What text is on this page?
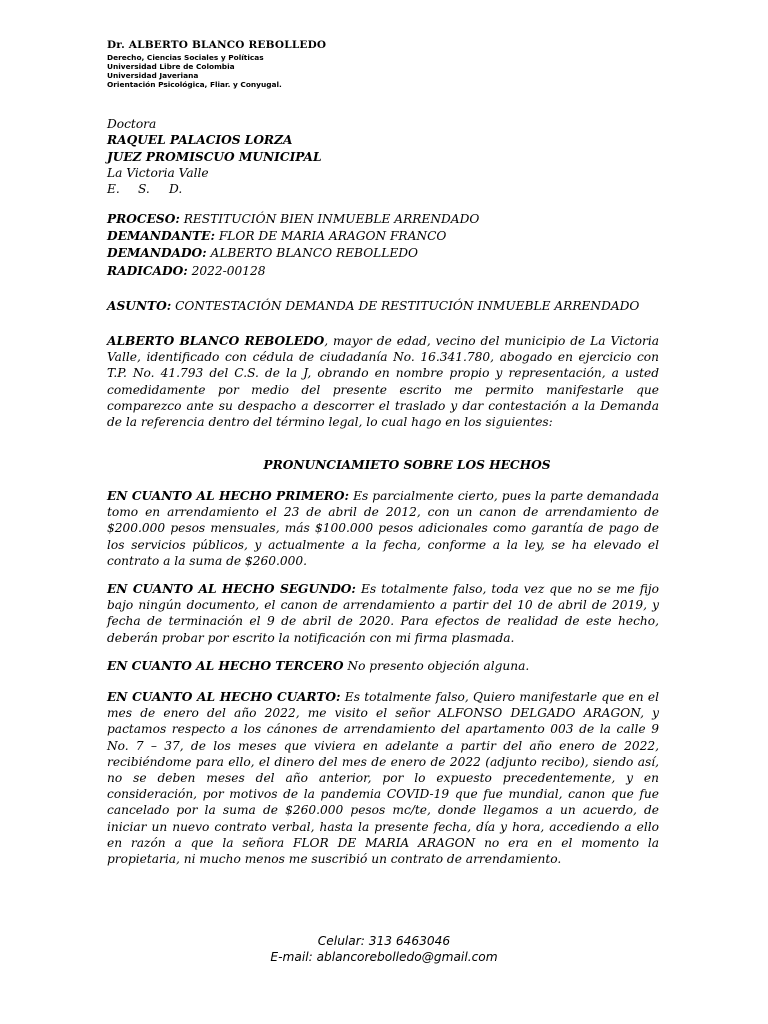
Dr. ALBERTO BLANCO REBOLLEDO
Derecho, Ciencias Sociales y Políticas
Universidad Libre de Colombia
Universidad Javeriana
Orientación Psicológica, Fliar. y Conyugal.
Doctora
RAQUEL PALACIOS LORZA
JUEZ PROMISCUO MUNICIPAL
La Victoria Valle
E. S. D.
PROCESO: RESTITUCIÓN BIEN INMUEBLE ARRENDADO
DEMANDANTE: FLOR DE MARIA ARAGON FRANCO
DEMANDADO: ALBERTO BLANCO REBOLLEDO
RADICADO: 2022-00128
ASUNTO: CONTESTACIÓN DEMANDA DE RESTITUCIÓN INMUEBLE ARRENDADO

ALBERTO BLANCO REBOLEDO, mayor de edad, vecino del municipio de La Victoria Valle, identificado con cédula de ciudadanía No. 16.341.780, abogado en ejercicio con T.P. No. 41.793 del C.S. de la J, obrando en nombre propio y representación, a usted comedidamente por medio del presente escrito me permito manifestarle que comparezco ante su despacho a descorrer el traslado y dar contestación a la Demanda de la referencia dentro del término legal, lo cual hago en los siguientes:

PRONUNCIAMIETO SOBRE LOS HECHOS

EN CUANTO AL HECHO PRIMERO: Es parcialmente cierto, pues la parte demandada tomo en arrendamiento el 23 de abril de 2012, con un canon de arrendamiento de $200.000 pesos mensuales, más $100.000 pesos adicionales como garantía de pago de los servicios públicos, y actualmente a la fecha, conforme a la ley, se ha elevado el contrato a la suma de $260.000.

EN CUANTO AL HECHO SEGUNDO: Es totalmente falso, toda vez que no se me fijo bajo ningún documento, el canon de arrendamiento a partir del 10 de abril de 2019, y fecha de terminación el 9 de abril de 2020. Para efectos de realidad de este hecho, deberán probar por escrito la notificación con mi firma plasmada.

EN CUANTO AL HECHO TERCERO No presento objeción alguna.

EN CUANTO AL HECHO CUARTO: Es totalmente falso, Quiero manifestarle que en el mes de enero del año 2022, me visito el señor ALFONSO DELGADO ARAGON, y pactamos respecto a los cánones de arrendamiento del apartamento 003 de la calle 9 No. 7 – 37, de los meses que viviera en adelante a partir del año enero de 2022, recibiéndome para ello, el dinero del mes de enero de 2022 (adjunto recibo), siendo así, no se deben meses del año anterior, por lo expuesto precedentemente, y en consideración, por motivos de la pandemia COVID-19 que fue mundial, canon que fue cancelado por la suma de $260.000 pesos mc/te, donde llegamos a un acuerdo, de iniciar un nuevo contrato verbal, hasta la presente fecha, día y hora, accediendo a ello en razón a que la señora FLOR DE MARIA ARAGON no era en el momento la propietaria, ni mucho menos me suscribió un contrato de arrendamiento.

Celular: 313 6463046
E-mail: ablancorebolledo@gmail.com
